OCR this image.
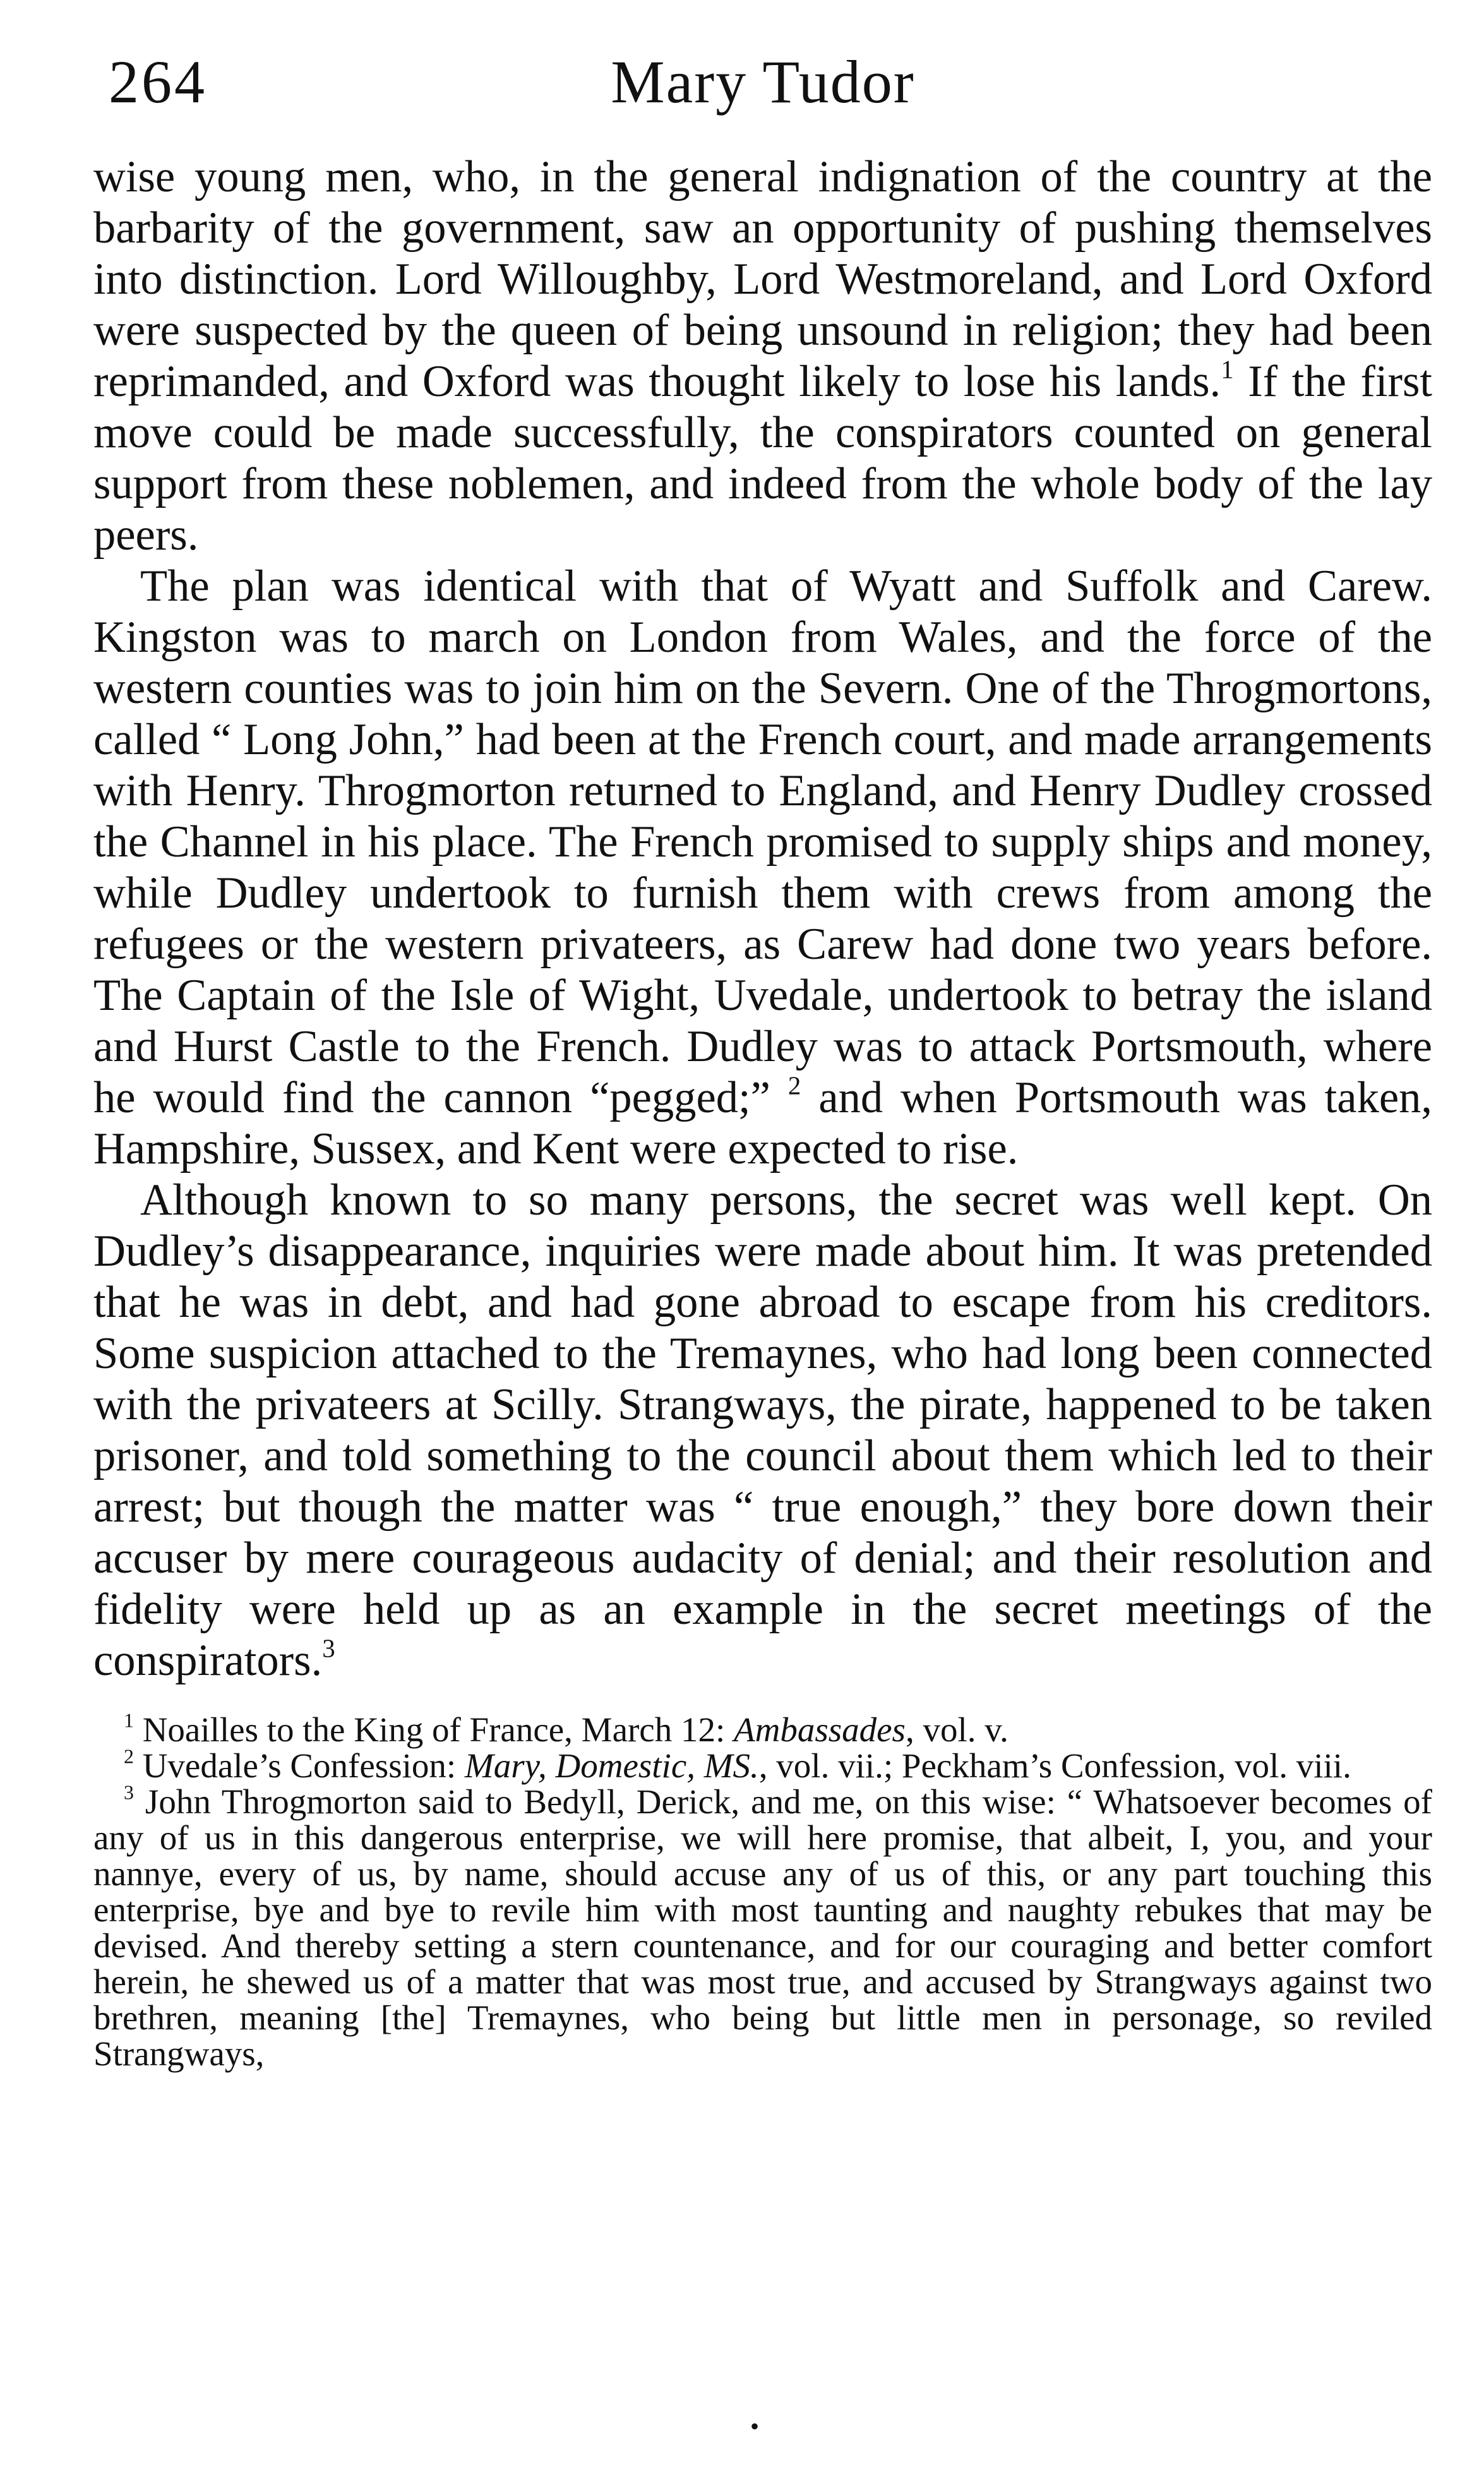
264	Mary Tudor

wise young men, who, in the general indignation of the country at the barbarity of the government, saw an opportunity of pushing themselves into distinction. Lord Willoughby, Lord Westmoreland, and Lord Oxford were suspected by the queen of being unsound in religion; they had been reprimanded, and Oxford was thought likely to lose his lands.$^1$ If the first move could be made successfully, the conspirators counted on general support from these noblemen, and indeed from the whole body of the lay peers.

The plan was identical with that of Wyatt and Suffolk and Carew. Kingston was to march on London from Wales, and the force of the western counties was to join him on the Severn. One of the Throgmortons, called “ Long John,” had been at the French court, and made arrangements with Henry. Throgmorton returned to England, and Henry Dudley crossed the Channel in his place. The French promised to supply ships and money, while Dudley undertook to furnish them with crews from among the refugees or the western privateers, as Carew had done two years before. The Captain of the Isle of Wight, Uvedale, undertook to betray the island and Hurst Castle to the French. Dudley was to attack Portsmouth, where he would find the cannon “pegged;” $^2$ and when Portsmouth was taken, Hampshire, Sussex, and Kent were expected to rise.

Although known to so many persons, the secret was well kept. On Dudley’s disappearance, inquiries were made about him. It was pretended that he was in debt, and had gone abroad to escape from his creditors. Some suspicion attached to the Tremaynes, who had long been connected with the privateers at Scilly. Strangways, the pirate, happened to be taken prisoner, and told something to the council about them which led to their arrest; but though the matter was “ true enough,” they bore down their accuser by mere courageous audacity of denial; and their resolution and fidelity were held up as an example in the secret meetings of the conspirators.$^3$

$^1$ Noailles to the King of France, March 12: Ambassades, vol. v.

$^2$ Uvedale’s Confession: Mary, Domestic, MS., vol. vii.; Peckham’s Confession, vol. viii.

$^3$ John Throgmorton said to Bedyll, Derick, and me, on this wise: “ Whatsoever becomes of any of us in this dangerous enterprise, we will here promise, that albeit, I, you, and your nannye, every of us, by name, should accuse any of us of this, or any part touching this enterprise, bye and bye to revile him with most taunting and naughty rebukes that may be devised. And thereby setting a stern countenance, and for our couraging and better comfort herein, he shewed us of a matter that was most true, and accused by Strangways against two brethren, meaning [the] Tremaynes, who being but little men in personage, so reviled Strangways,

•
